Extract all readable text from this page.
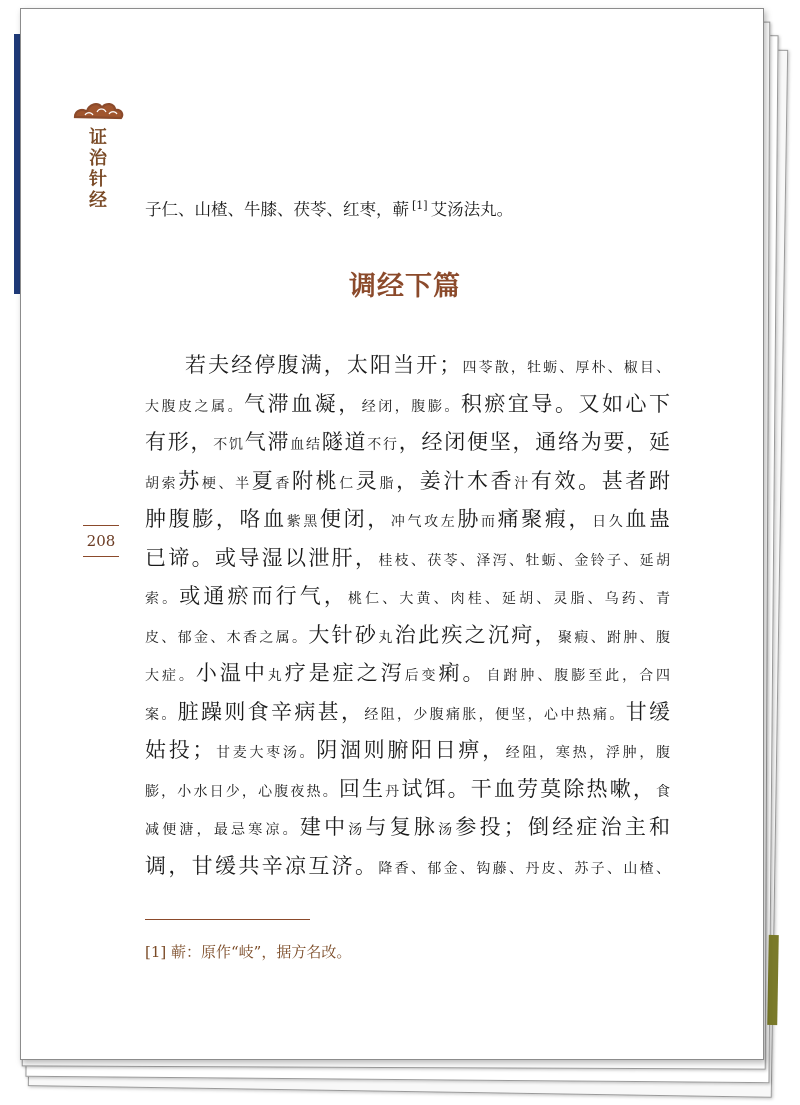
证
治
针
经
208
子仁、山楂、牛膝、茯苓、红枣，蕲 [1] 艾汤法丸。
调经下篇
若夫经停腹满，太阳当开；四苓散，牡蛎、厚朴、椒目、
大腹皮之属。气滞血凝，经闭，腹膨。积瘀宜导。又如心下
有形，不饥气滞血结隧道不行，经闭便坚，通络为要，延
胡索苏梗、半夏香附桃仁灵脂，姜汁木香汁有效。甚者跗
肿腹膨，咯血紫黑便闭，冲气攻左胁而痛聚瘕，日久血蛊
已谛。或导湿以泄肝，桂枝、茯苓、泽泻、牡蛎、金铃子、延胡
索。或通瘀而行气，桃仁、大黄、肉桂、延胡、灵脂、乌药、青
皮、郁金、木香之属。大针砂丸治此疾之沉疴，聚瘕、跗肿、腹
大症。小温中丸疗是症之泻后变痢。自跗肿、腹膨至此，合四
案。脏躁则食辛病甚，经阻，少腹痛胀，便坚，心中热痛。甘缓
姑投；甘麦大枣汤。阴涸则腑阳日痹，经阻，寒热，浮肿，腹
膨，小水日少，心腹夜热。回生丹试饵。干血劳莫除热嗽，食
减便溏，最忌寒凉。建中汤与复脉汤参投；倒经症治主和
调，甘缓共辛凉互济。降香、郁金、钩藤、丹皮、苏子、山楂、
[1] 蕲：原作“岐”，据方名改。
